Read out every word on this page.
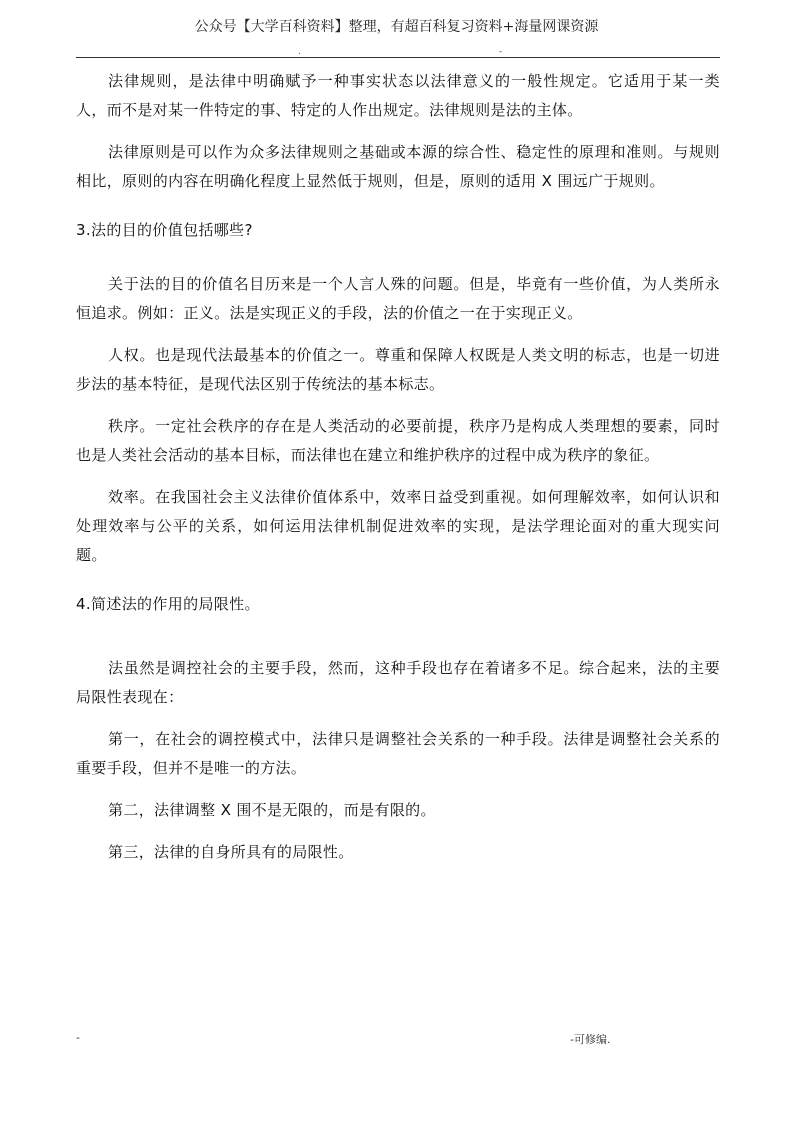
公众号【大学百科资料】整理，有超百科复习资料+海量网课资源
.	-

法律规则，是法律中明确赋予一种事实状态以法律意义的一般性规定。它适用于某一类人，而不是对某一件特定的事、特定的人作出规定。法律规则是法的主体。

法律原则是可以作为众多法律规则之基础或本源的综合性、稳定性的原理和准则。与规则相比，原则的内容在明确化程度上显然低于规则，但是，原则的适用 X 围远广于规则。

3.法的目的价值包括哪些?

关于法的目的价值名目历来是一个人言人殊的问题。但是，毕竟有一些价值，为人类所永恒追求。例如：正义。法是实现正义的手段，法的价值之一在于实现正义。

人权。也是现代法最基本的价值之一。尊重和保障人权既是人类文明的标志，也是一切进步法的基本特征，是现代法区别于传统法的基本标志。

秩序。一定社会秩序的存在是人类活动的必要前提，秩序乃是构成人类理想的要素，同时也是人类社会活动的基本目标，而法律也在建立和维护秩序的过程中成为秩序的象征。

效率。在我国社会主义法律价值体系中，效率日益受到重视。如何理解效率，如何认识和处理效率与公平的关系，如何运用法律机制促进效率的实现，是法学理论面对的重大现实问题。

4.简述法的作用的局限性。

法虽然是调控社会的主要手段，然而，这种手段也存在着诸多不足。综合起来，法的主要局限性表现在：

第一，在社会的调控模式中，法律只是调整社会关系的一种手段。法律是调整社会关系的重要手段，但并不是唯一的方法。

第二，法律调整 X 围不是无限的，而是有限的。

第三，法律的自身所具有的局限性。

-	-可修编.
